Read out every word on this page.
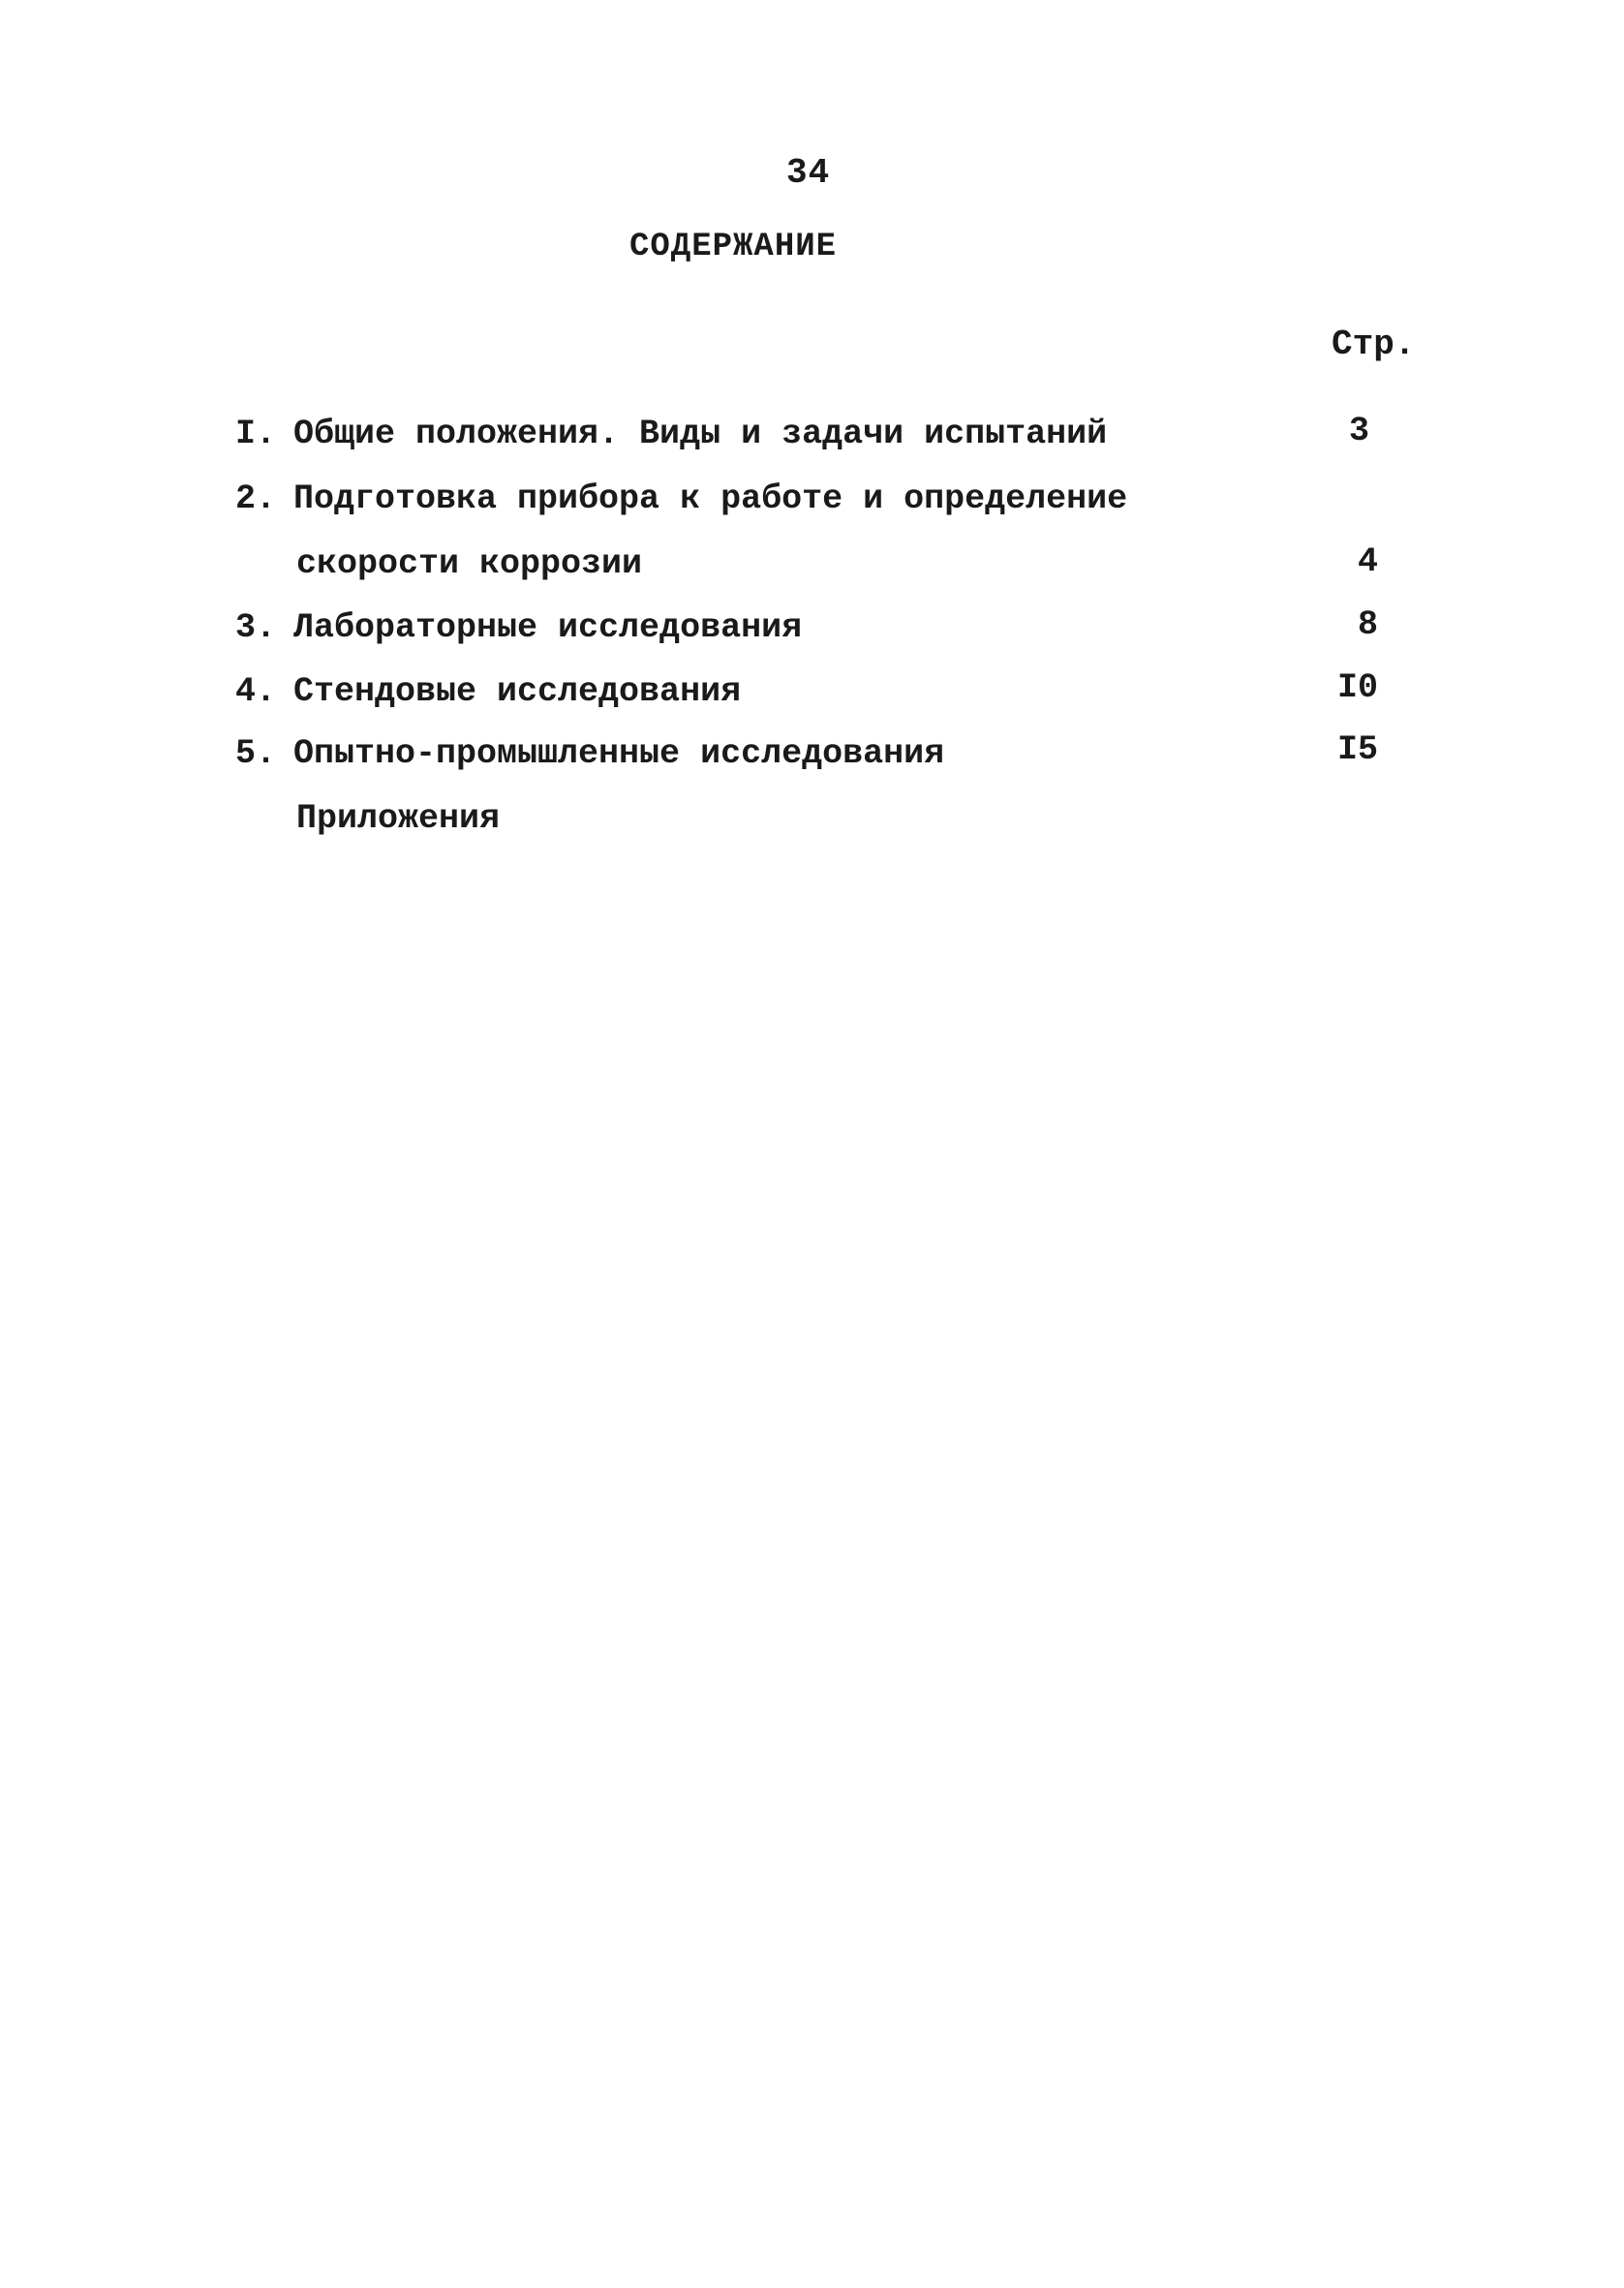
34
СОДЕРЖАНИЕ
Стр.
I. Общие положения. Виды и задачи испытаний	3
2. Подготовка прибора к работе и определение
скорости коррозии	4
3. Лабораторные исследования	8
4. Стендовые исследования	I0
5. Опытно-промышленные исследования	I5
Приложения
